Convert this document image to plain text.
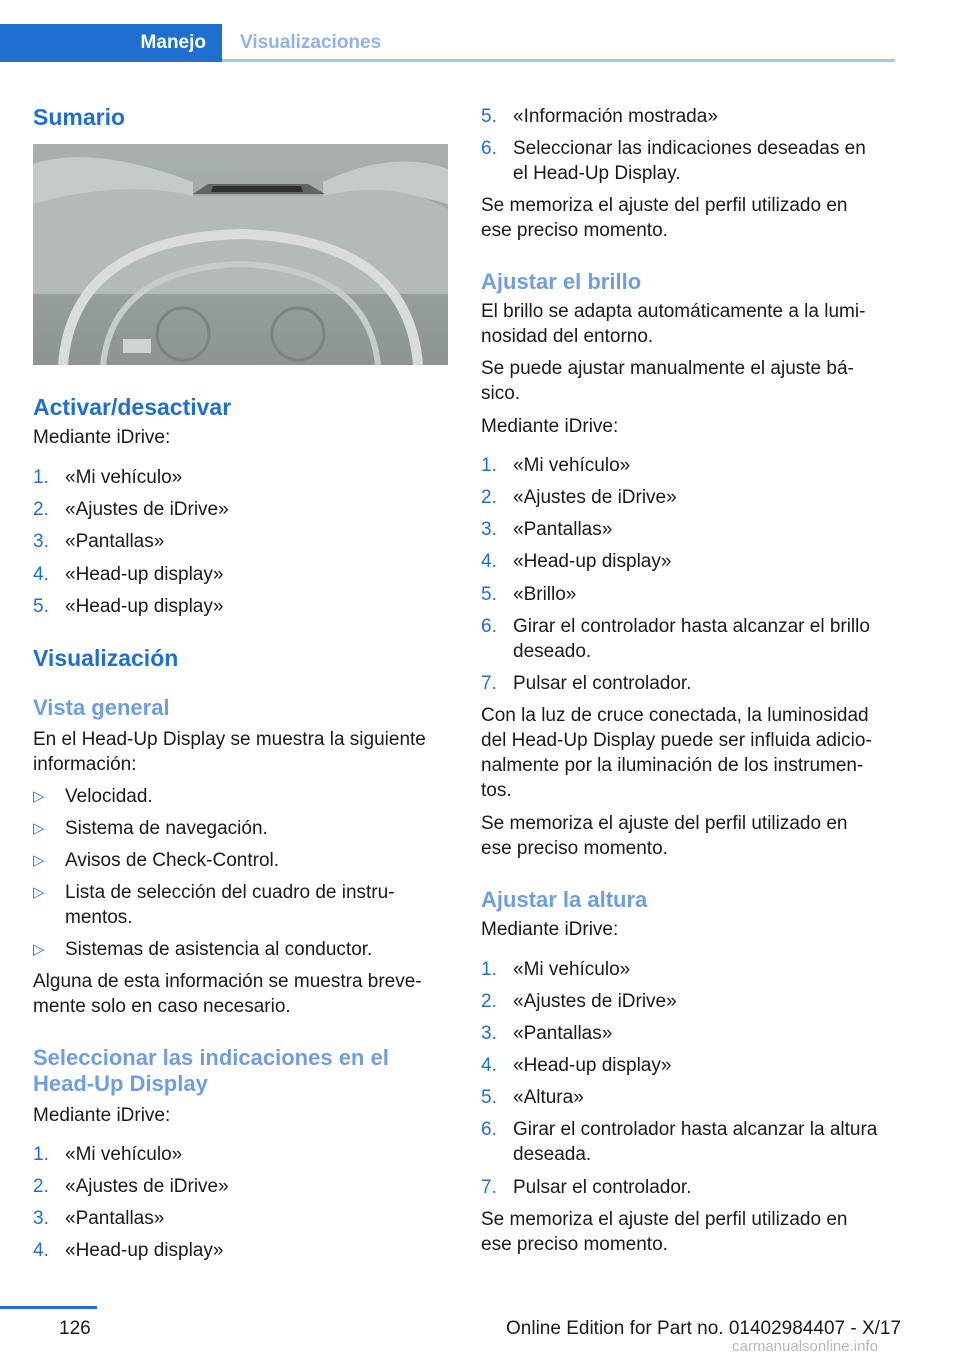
Manejo Visualizaciones
Sumario
Activar/desactivar
Mediante iDrive:
1. «Mi vehículo»
2. «Ajustes de iDrive»
3. «Pantallas»
4. «Head-up display»
5. «Head-up display»
Visualización
Vista general
En el Head-Up Display se muestra la siguiente
información:
▷ Velocidad.
▷ Sistema de navegación.
▷ Avisos de Check-Control.
▷ Lista de selección del cuadro de instru-
mentos.
▷ Sistemas de asistencia al conductor.
Alguna de esta información se muestra breve-
mente solo en caso necesario.
Seleccionar las indicaciones en el
Head-Up Display
Mediante iDrive:
1. «Mi vehículo»
2. «Ajustes de iDrive»
3. «Pantallas»
4. «Head-up display»
5. «Información mostrada»
6. Seleccionar las indicaciones deseadas en
el Head-Up Display.
Se memoriza el ajuste del perfil utilizado en
ese preciso momento.
Ajustar el brillo
El brillo se adapta automáticamente a la lumi-
nosidad del entorno.
Se puede ajustar manualmente el ajuste bá-
sico.
Mediante iDrive:
1. «Mi vehículo»
2. «Ajustes de iDrive»
3. «Pantallas»
4. «Head-up display»
5. «Brillo»
6. Girar el controlador hasta alcanzar el brillo
deseado.
7. Pulsar el controlador.
Con la luz de cruce conectada, la luminosidad
del Head-Up Display puede ser influida adicio-
nalmente por la iluminación de los instrumen-
tos.
Se memoriza el ajuste del perfil utilizado en
ese preciso momento.
Ajustar la altura
Mediante iDrive:
1. «Mi vehículo»
2. «Ajustes de iDrive»
3. «Pantallas»
4. «Head-up display»
5. «Altura»
6. Girar el controlador hasta alcanzar la altura
deseada.
7. Pulsar el controlador.
Se memoriza el ajuste del perfil utilizado en
ese preciso momento.
126	Online Edition for Part no. 01402984407 - X/17
carmanualsonline.info
